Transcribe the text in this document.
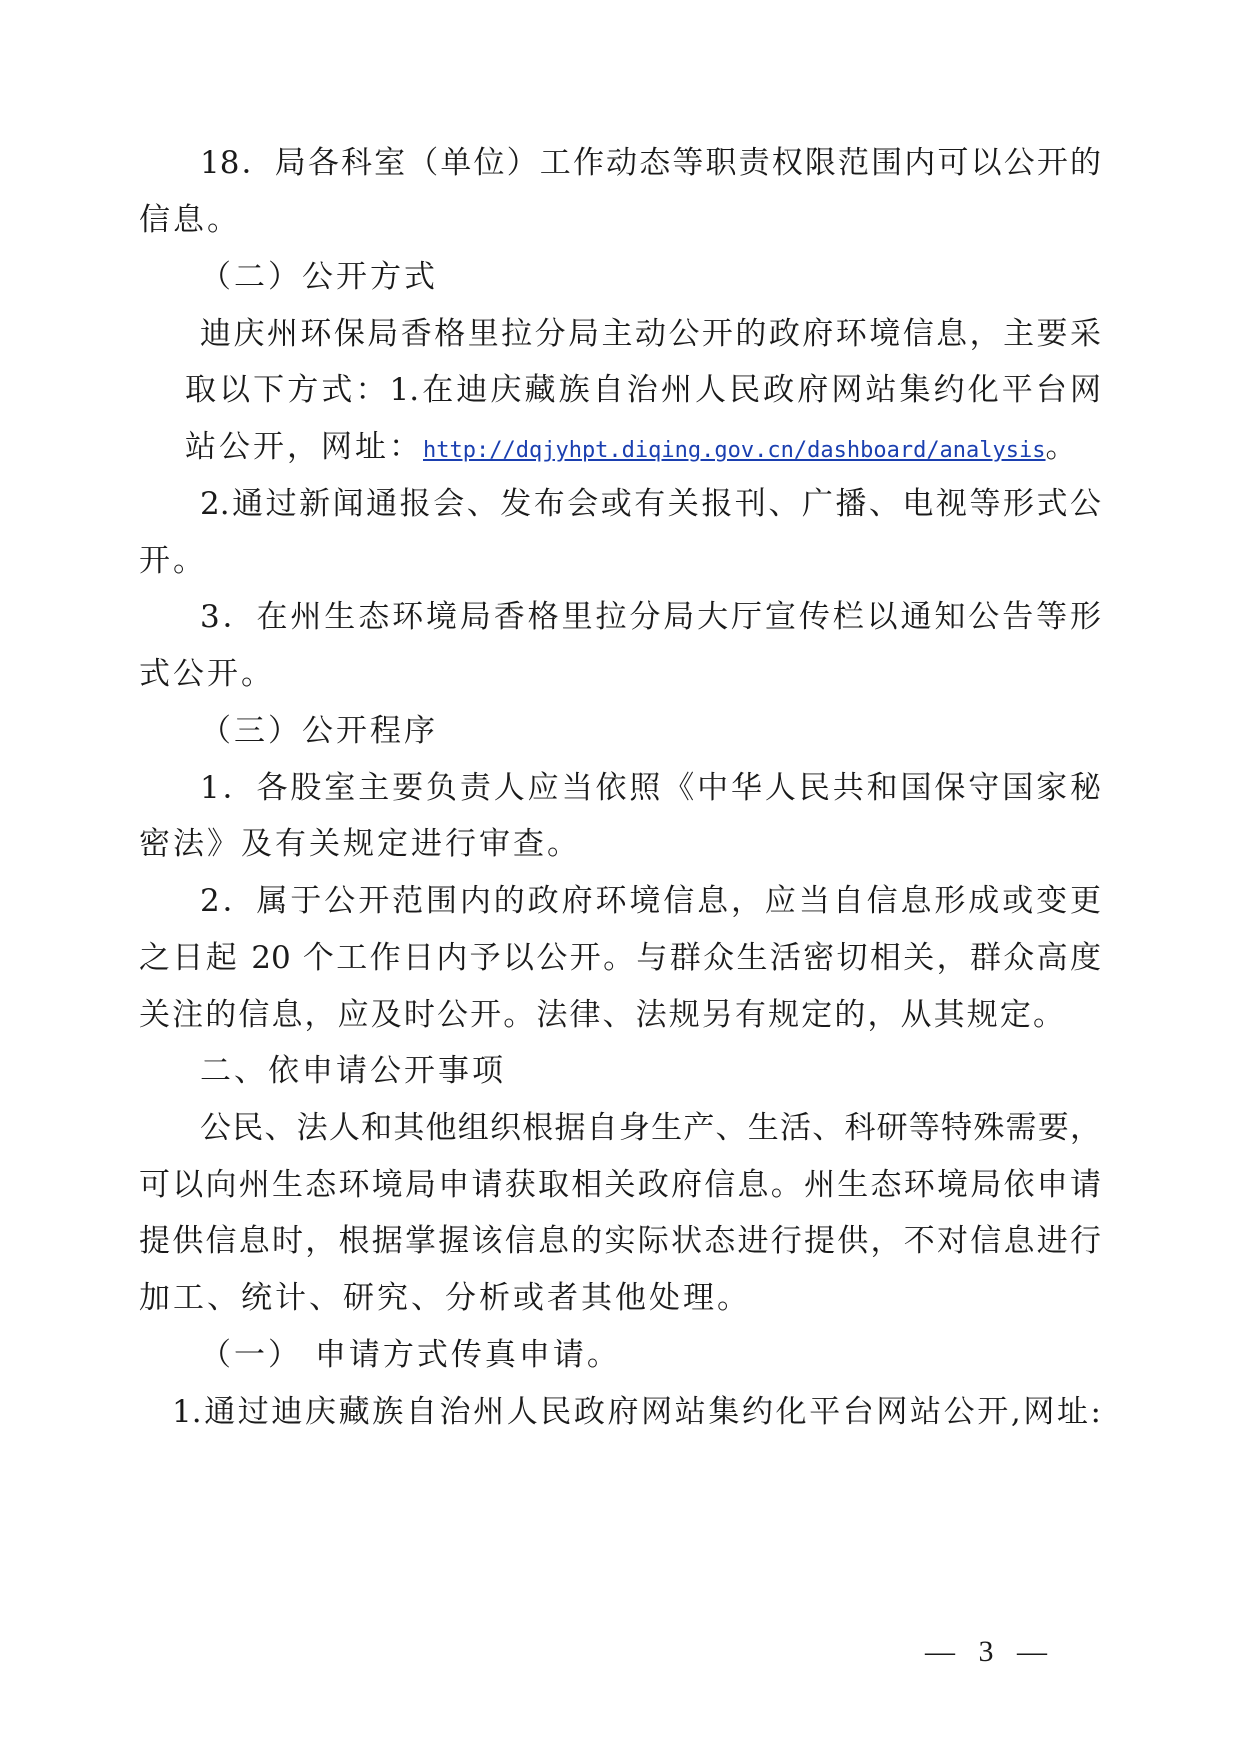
18．局各科室（单位）工作动态等职责权限范围内可以公开的
信息。
（二）公开方式
迪庆州环保局香格里拉分局主动公开的政府环境信息，主要采
取以下方式：1.在迪庆藏族自治州人民政府网站集约化平台网
站公开，网址：http://dqjyhpt.diqing.gov.cn/dashboard/analysis。
2.通过新闻通报会、发布会或有关报刊、广播、电视等形式公
开。
3．在州生态环境局香格里拉分局大厅宣传栏以通知公告等形
式公开。
（三）公开程序
1．各股室主要负责人应当依照《中华人民共和国保守国家秘
密法》及有关规定进行审查。
2．属于公开范围内的政府环境信息，应当自信息形成或变更
之日起 20 个工作日内予以公开。与群众生活密切相关，群众高度
关注的信息，应及时公开。法律、法规另有规定的，从其规定。
二、依申请公开事项
公民、法人和其他组织根据自身生产、生活、科研等特殊需要，
可以向州生态环境局申请获取相关政府信息。州生态环境局依申请
提供信息时，根据掌握该信息的实际状态进行提供，不对信息进行
加工、统计、研究、分析或者其他处理。
（一） 申请方式传真申请。
1.通过迪庆藏族自治州人民政府网站集约化平台网站公开,网址:
— 3 —
